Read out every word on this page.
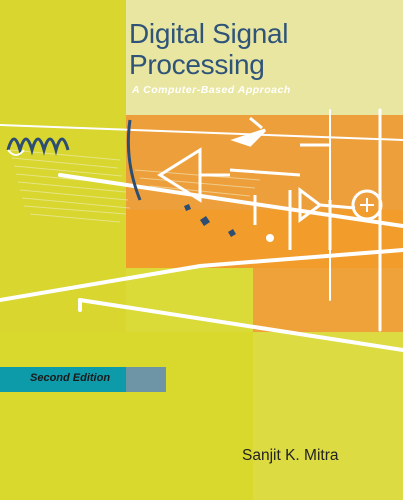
Digital Signal Processing
A Computer-Based Approach
Second Edition
Sanjit K. Mitra
